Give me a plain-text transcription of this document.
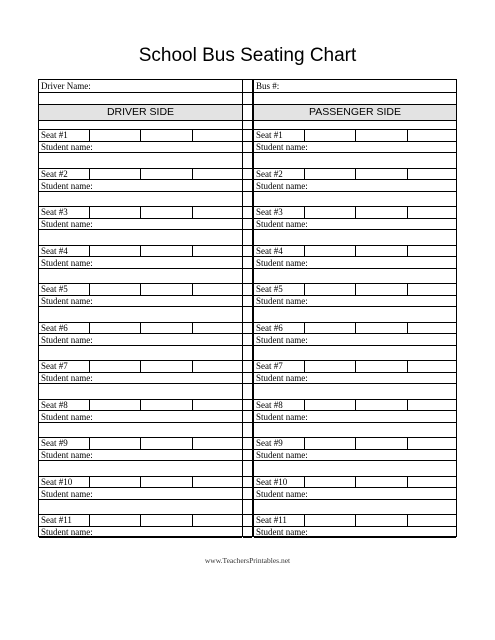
School Bus Seating Chart
Driver Name:
DRIVER SIDE
Seat #1
Student name:
Seat #2
Student name:
Seat #3
Student name:
Seat #4
Student name:
Seat #5
Student name:
Seat #6
Student name:
Seat #7
Student name:
Seat #8
Student name:
Seat #9
Student name:
Seat #10
Student name:
Seat #11
Student name:
Bus #:
PASSENGER SIDE
Seat #1
Student name:
Seat #2
Student name:
Seat #3
Student name:
Seat #4
Student name:
Seat #5
Student name:
Seat #6
Student name:
Seat #7
Student name:
Seat #8
Student name:
Seat #9
Student name:
Seat #10
Student name:
Seat #11
Student name:
www.TeachersPrintables.net
